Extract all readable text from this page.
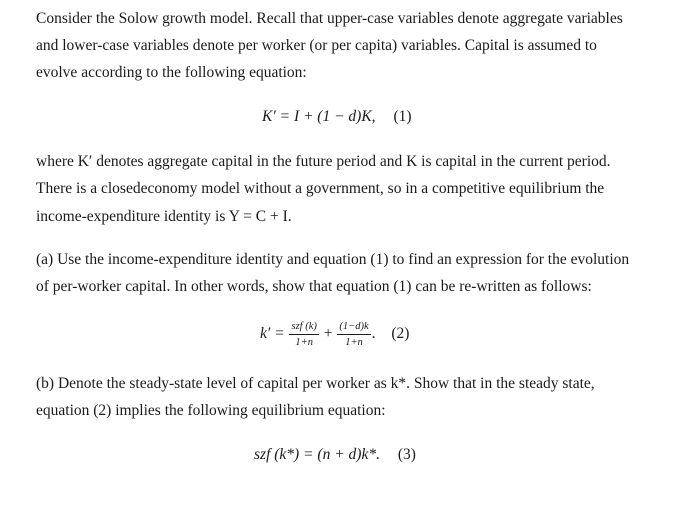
Consider the Solow growth model. Recall that upper-case variables denote aggregate variables
and lower-case variables denote per worker (or per capita) variables. Capital is assumed to
evolve according to the following equation:
K′ = I + (1 − d)K, (1)
where K′ denotes aggregate capital in the future period and K is capital in the current period.
There is a closedeconomy model without a government, so in a competitive equilibrium the
income-expenditure identity is Y = C + I.
(a) Use the income-expenditure identity and equation (1) to find an expression for the evolution
of per-worker capital. In other words, show that equation (1) can be re-written as follows:
$k' = \frac{\text{szf (k)}}{1+n} + \frac{(1-d)k}{1+n}$ . (2)
(b) Denote the steady-state level of capital per worker as k*. Show that in the steady state,
equation (2) implies the following equilibrium equation:
szf (k*) = (n + d)k*. (3)
